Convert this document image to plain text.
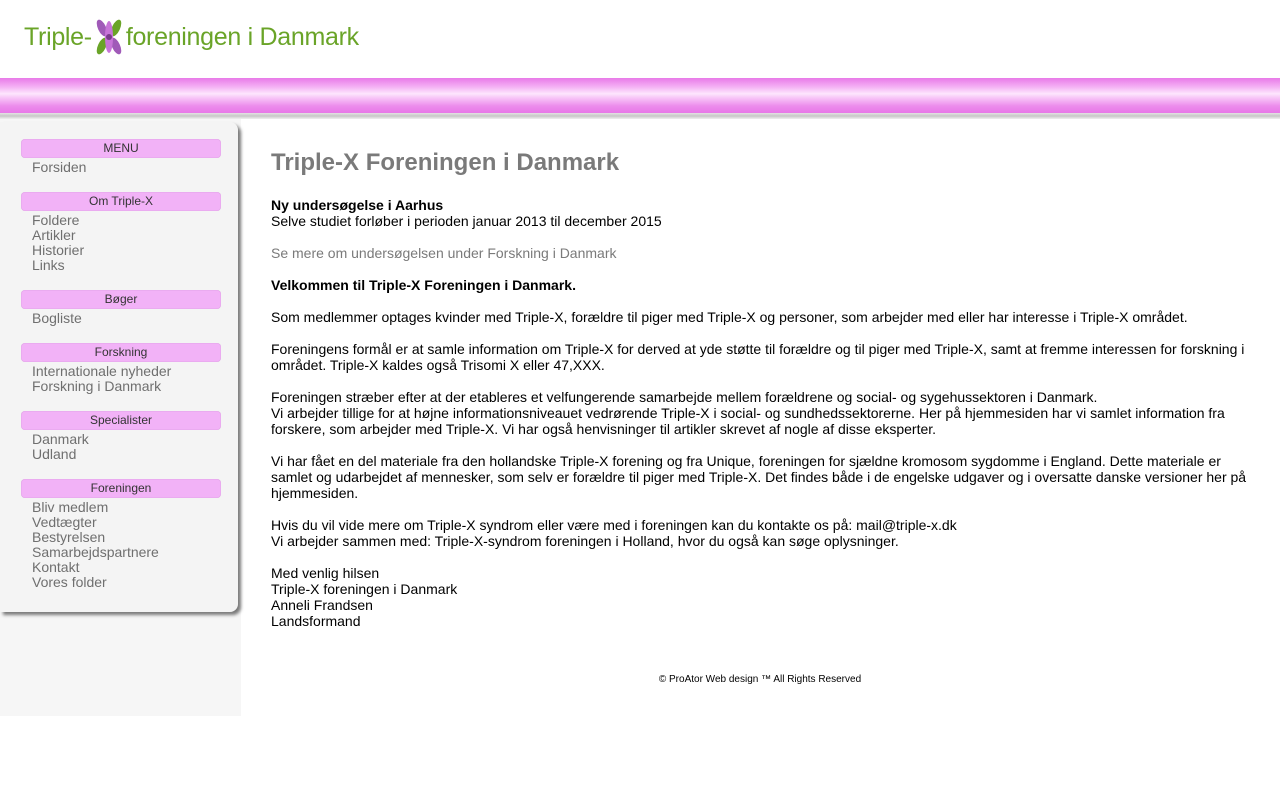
Triple- foreningen i Danmark
MENU
Forsiden
Om Triple-X
Foldere
Artikler
Historier
Links
Bøger
Bogliste
Forskning
Internationale nyheder
Forskning i Danmark
Specialister
Danmark
Udland
Foreningen
Bliv medlem
Vedtægter
Bestyrelsen
Samarbejdspartnere
Kontakt
Vores folder
Triple-X Foreningen i Danmark

Ny undersøgelse i Aarhus

Selve studiet forløber i perioden januar 2013 til december 2015

Se mere om undersøgelsen under Forskning i Danmark

Velkommen til Triple-X Foreningen i Danmark.

Som medlemmer optages kvinder med Triple-X, forældre til piger med Triple-X og personer, som arbejder med eller har interesse i Triple-X området.

Foreningens formål er at samle information om Triple-X for derved at yde støtte til forældre og til piger med Triple-X, samt at fremme interessen for forskning i området. Triple-X kaldes også Trisomi X eller 47,XXX.

Foreningen stræber efter at der etableres et velfungerende samarbejde mellem forældrene og social- og sygehussektoren i Danmark.

Vi arbejder tillige for at højne informationsniveauet vedrørende Triple-X i social- og sundhedssektorerne. Her på hjemmesiden har vi samlet information fra forskere, som arbejder med Triple-X. Vi har også henvisninger til artikler skrevet af nogle af disse eksperter.

Vi har fået en del materiale fra den hollandske Triple-X forening og fra Unique, foreningen for sjældne kromosom sygdomme i England. Dette materiale er samlet og udarbejdet af mennesker, som selv er forældre til piger med Triple-X. Det findes både i de engelske udgaver og i oversatte danske versioner her på hjemmesiden.

Hvis du vil vide mere om Triple-X syndrom eller være med i foreningen kan du kontakte os på: mail@triple-x.dk

Vi arbejder sammen med: Triple-X-syndrom foreningen i Holland, hvor du også kan søge oplysninger.

Med venlig hilsen

Triple-X foreningen i Danmark

Anneli Frandsen

Landsformand

© ProAtor Web design ™ All Rights Reserved
